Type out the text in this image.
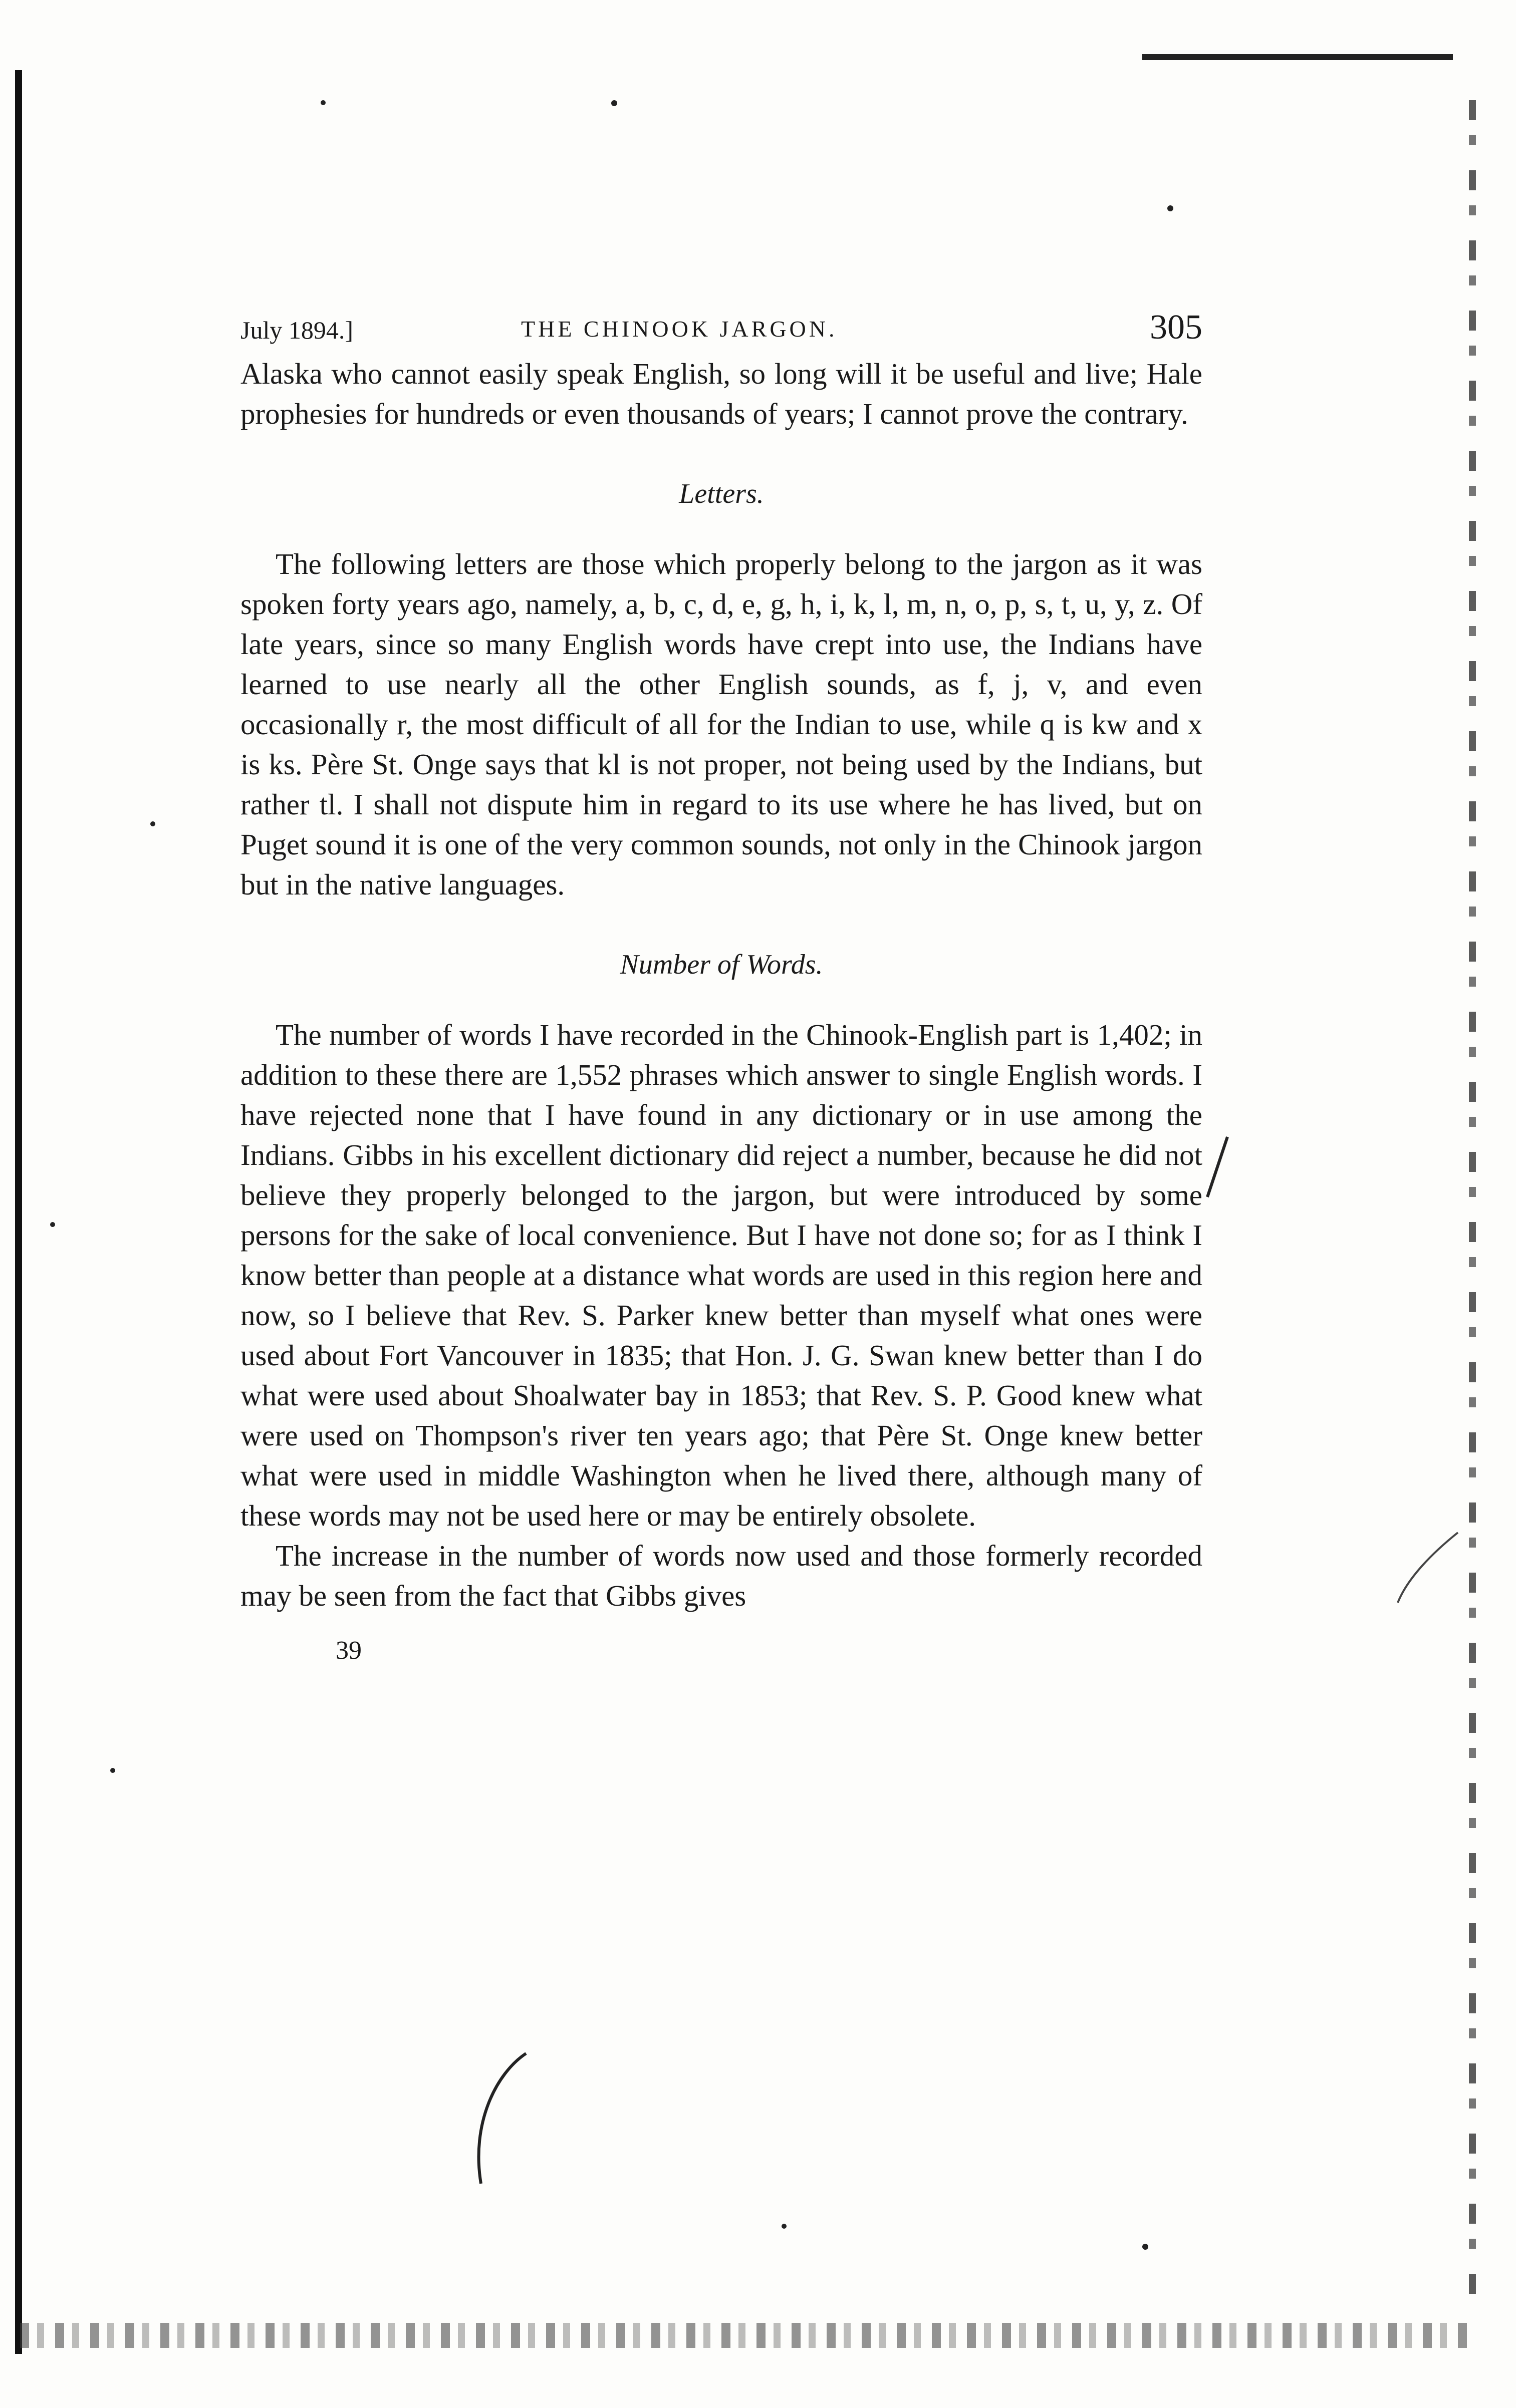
July 1894.]	THE CHINOOK JARGON.	305

Alaska who cannot easily speak English, so long will it be useful and live; Hale prophesies for hundreds or even thousands of years; I cannot prove the contrary.

Letters.

The following letters are those which properly belong to the jargon as it was spoken forty years ago, namely, a, b, c, d, e, g, h, i, k, l, m, n, o, p, s, t, u, y, z. Of late years, since so many English words have crept into use, the Indians have learned to use nearly all the other English sounds, as f, j, v, and even occasionally r, the most difficult of all for the Indian to use, while q is kw and x is ks. Père St. Onge says that kl is not proper, not being used by the Indians, but rather tl. I shall not dispute him in regard to its use where he has lived, but on Puget sound it is one of the very common sounds, not only in the Chinook jargon but in the native languages.

Number of Words.

The number of words I have recorded in the Chinook-English part is 1,402; in addition to these there are 1,552 phrases which answer to single English words. I have rejected none that I have found in any dictionary or in use among the Indians. Gibbs in his excellent dictionary did reject a number, because he did not believe they properly belonged to the jargon, but were introduced by some persons for the sake of local convenience. But I have not done so; for as I think I know better than people at a distance what words are used in this region here and now, so I believe that Rev. S. Parker knew better than myself what ones were used about Fort Vancouver in 1835; that Hon. J. G. Swan knew better than I do what were used about Shoalwater bay in 1853; that Rev. S. P. Good knew what were used on Thompson's river ten years ago; that Père St. Onge knew better what were used in middle Washington when he lived there, although many of these words may not be used here or may be entirely obsolete.

The increase in the number of words now used and those formerly recorded may be seen from the fact that Gibbs gives

39
